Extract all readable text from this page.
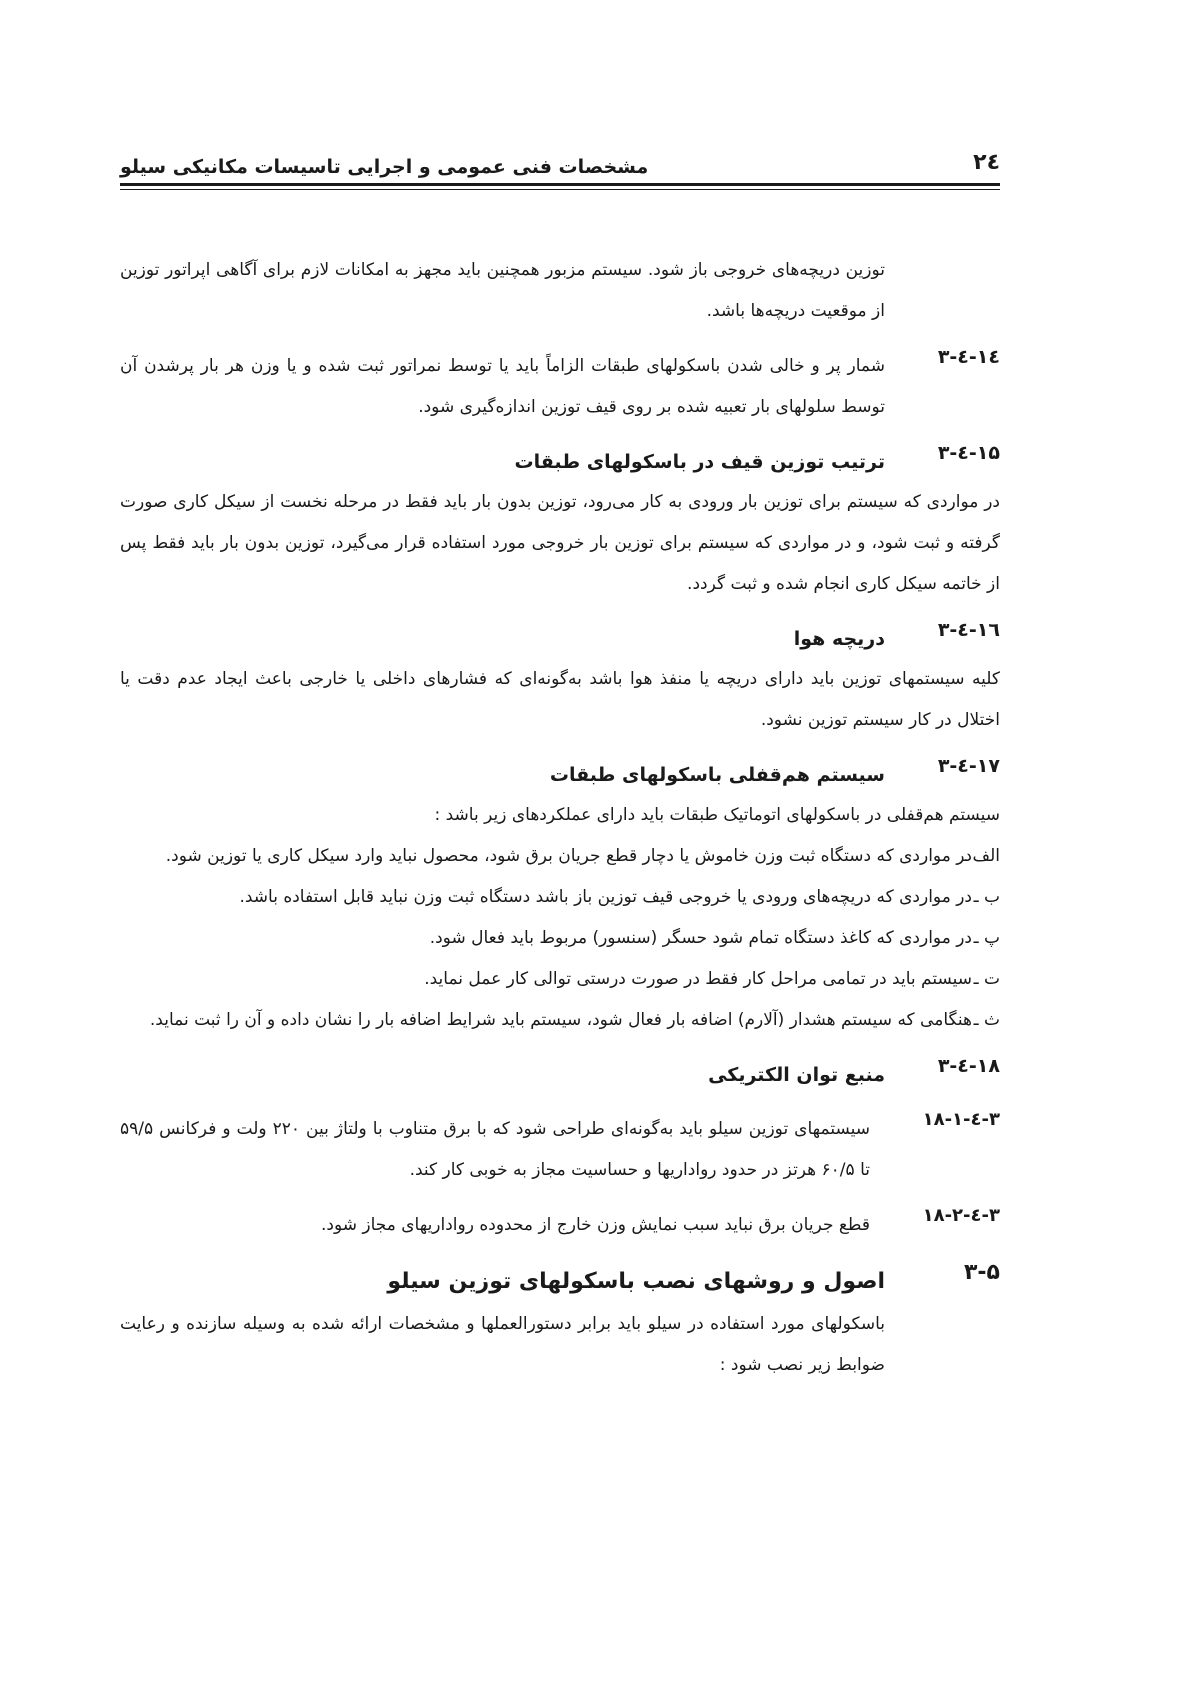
۲٤
مشخصات فنی عمومی و اجرایی تاسیسات مکانیکی سیلو
توزین دریچه‌های خروجی باز شود. سیستم مزبور همچنین باید مجهز به امکانات لازم برای آگاهی اپراتور توزین از موقعیت دریچه‌ها باشد.
۳-٤-۱٤
شمار پر و خالی شدن باسکولهای طبقات الزاماً باید یا توسط نمراتور ثبت شده و یا وزن هر بار پرشدن آن توسط سلولهای بار تعبیه شده بر روی قیف توزین اندازه‌گیری شود.
۳-٤-۱۵
ترتیب توزین قیف در باسکولهای طبقات
در مواردی که سیستم برای توزین بار ورودی به کار می‌رود، توزین بدون بار باید فقط در مرحله نخست از سیکل کاری صورت گرفته و ثبت شود، و در مواردی که سیستم برای توزین بار خروجی مورد استفاده قرار می‌گیرد، توزین بدون بار باید فقط پس از خاتمه سیکل کاری انجام شده و ثبت گردد.
۳-٤-۱٦
دریچه هوا
کلیه سیستمهای توزین باید دارای دریچه یا منفذ هوا باشد به‌گونه‌ای که فشارهای داخلی یا خارجی باعث ایجاد عدم دقت یا اختلال در کار سیستم توزین نشود.
۳-٤-۱۷
سیستم هم‌قفلی باسکولهای طبقات
سیستم هم‌قفلی در باسکولهای اتوماتیک طبقات باید دارای عملکردهای زیر باشد :
الف ـ
در مواردی که دستگاه ثبت وزن خاموش یا دچار قطع جریان برق شود، محصول نباید وارد سیکل کاری یا توزین شود.
ب ـ
در مواردی که دریچه‌های ورودی یا خروجی قیف توزین باز باشد دستگاه ثبت وزن نباید قابل استفاده باشد.
پ ـ
در مواردی که کاغذ دستگاه تمام شود حسگر (سنسور) مربوط باید فعال شود.
ت ـ
سیستم باید در تمامی مراحل کار فقط در صورت درستی توالی کار عمل نماید.
ث ـ
هنگامی که سیستم هشدار (آلارم) اضافه بار فعال شود، سیستم باید شرایط اضافه بار را نشان داده و آن را ثبت نماید.
۳-٤-۱۸
منبع توان الکتریکی
۳-٤-۱۸-۱
سیستمهای توزین سیلو باید به‌گونه‌ای طراحی شود که با برق متناوب با ولتاژ بین ۲۲۰ ولت و فرکانس ۵۹/۵ تا ۶۰/۵ هرتز در حدود رواداریها و حساسیت مجاز به خوبی کار کند.
۳-٤-۱۸-۲
قطع جریان برق نباید سبب نمایش وزن خارج از محدوده رواداریهای مجاز شود.
۳-۵
اصول و روشهای نصب باسکولهای توزین سیلو
باسکولهای مورد استفاده در سیلو باید برابر دستورالعملها و مشخصات ارائه شده به وسیله سازنده و رعایت ضوابط زیر نصب شود :
